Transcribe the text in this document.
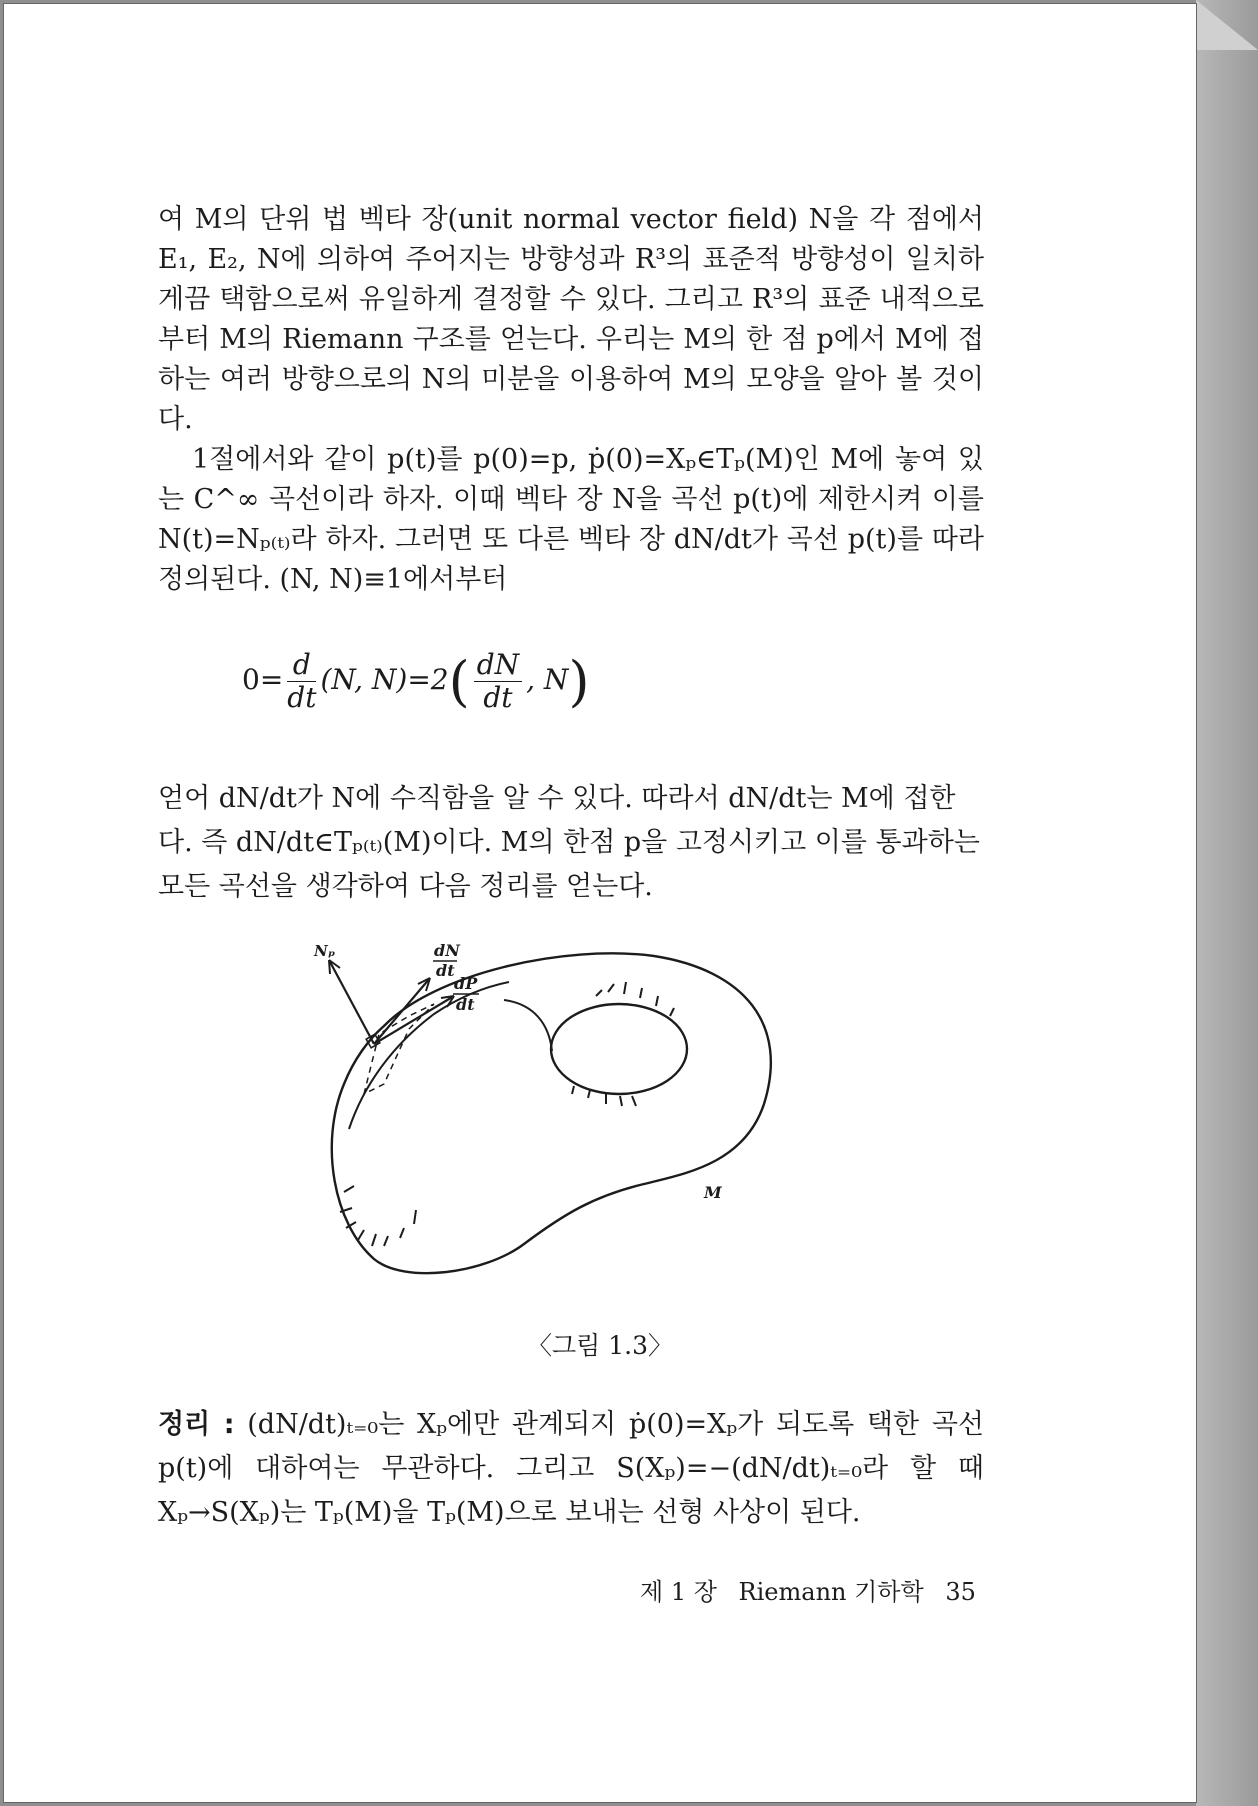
여 M의 단위 법 벡타 장(unit normal vector field) N을 각 점에서 E₁, E₂, N에 의하여 주어지는 방향성과 R³의 표준적 방향성이 일치하게끔 택함으로써 유일하게 결정할 수 있다. 그리고 R³의 표준 내적으로부터 M의 Riemann 구조를 얻는다. 우리는 M의 한 점 p에서 M에 접하는 여러 방향으로의 N의 미분을 이용하여 M의 모양을 알아 볼 것이다.

1절에서와 같이 p(t)를 p(0)=p, ṗ(0)=Xₚ∈Tₚ(M)인 M에 놓여 있는 C^∞ 곡선이라 하자. 이때 벡타 장 N을 곡선 p(t)에 제한시켜 이를 N(t)=Nₚ₍ₜ₎라 하자. 그러면 또 다른 벡타 장 dN/dt가 곡선 p(t)를 따라 정의된다. (N, N)≡1에서부터

$0= \frac{d}{dt} (N$, $N)=2( \frac{dN}{dt}$ , N)

얻어 dN/dt가 N에 수직함을 알 수 있다. 따라서 dN/dt는 M에 접한다. 즉 dN/dt∈Tₚ₍ₜ₎(M)이다. M의 한점 p을 고정시키고 이를 통과하는 모든 곡선을 생각하여 다음 정리를 얻는다.

Nₚ	dN
dt
dP
dt
M
〈그림 1.3〉

정리 : (dN/dt)ₜ₌₀는 Xₚ에만 관계되지 ṗ(0)=Xₚ가 되도록 택한 곡선 p(t)에 대하여는 무관하다. 그리고 S(Xₚ)=−(dN/dt)ₜ₌₀라 할 때 Xₚ→S(Xₚ)는 Tₚ(M)을 Tₚ(M)으로 보내는 선형 사상이 된다.

제 1 장 Riemann 기하학 35
